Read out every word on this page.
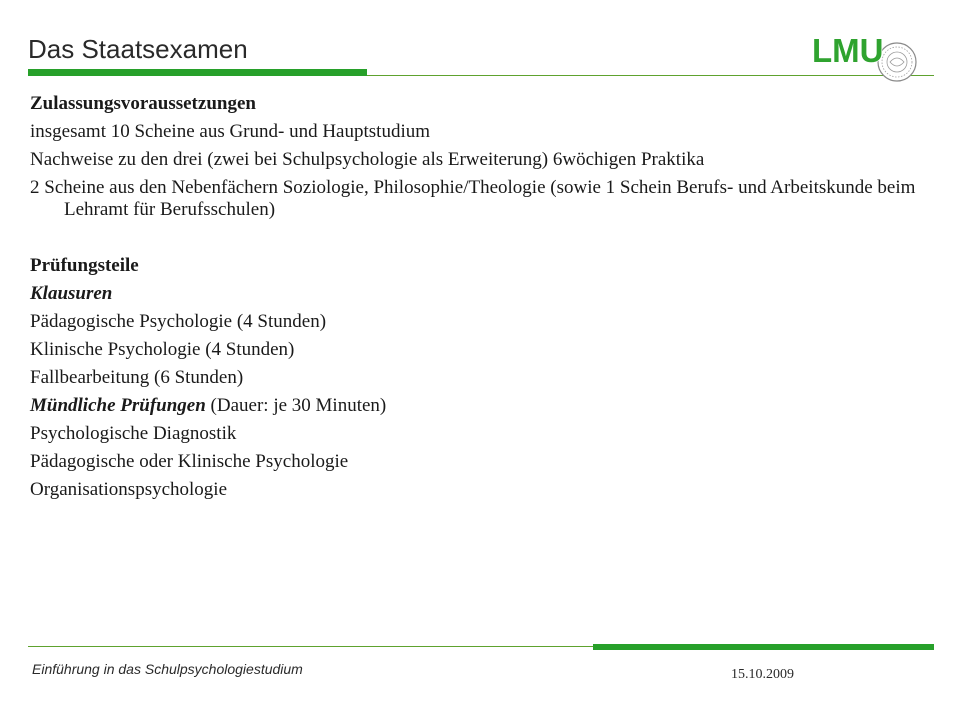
Das Staatsexamen	LMU
Zulassungsvoraussetzungen
insgesamt 10 Scheine aus Grund- und Hauptstudium
Nachweise zu den drei (zwei bei Schulpsychologie als Erweiterung) 6wöchigen Praktika
2 Scheine aus den Nebenfächern Soziologie, Philosophie/Theologie (sowie 1 Schein Berufs- und Arbeitskunde beim Lehramt für Berufsschulen)
Prüfungsteile
Klausuren
Pädagogische Psychologie (4 Stunden)
Klinische Psychologie (4 Stunden)
Fallbearbeitung (6 Stunden)
Mündliche Prüfungen (Dauer: je 30 Minuten)
Psychologische Diagnostik
Pädagogische oder Klinische Psychologie
Organisationspsychologie
Einführung in das Schulpsychologiestudium	15.10.2009
